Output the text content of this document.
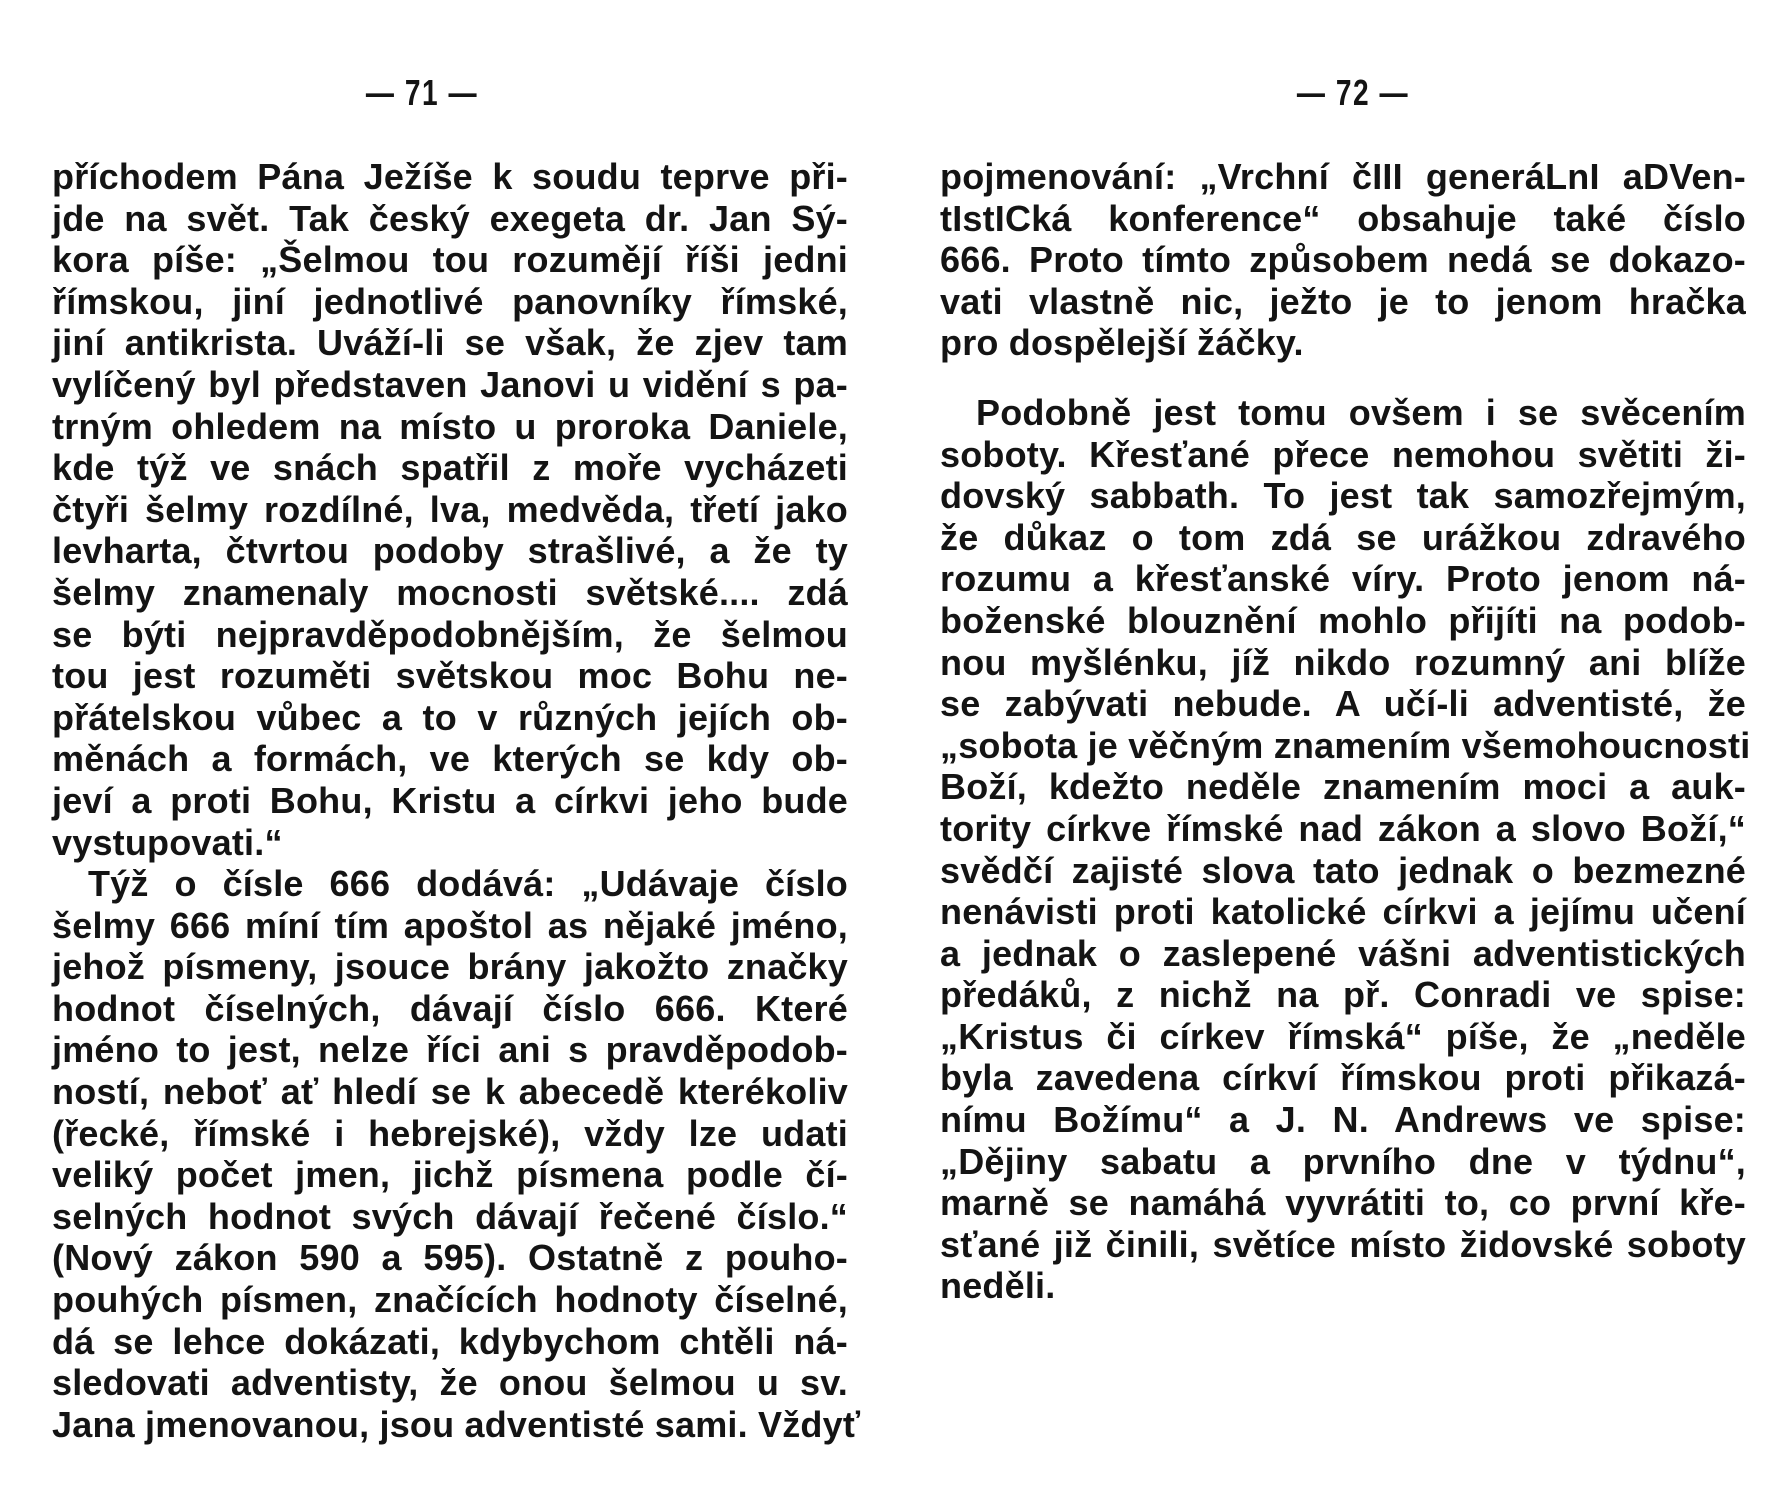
— 71 —
příchodem Pána Ježíše k soudu teprve při-
jde na svět. Tak český exegeta dr. Jan Sý-
kora píše: „Šelmou tou rozumějí říši jedni
římskou, jiní jednotlivé panovníky římské,
jiní antikrista. Uváží-li se však, že zjev tam
vylíčený byl představen Janovi u vidění s pa-
trným ohledem na místo u proroka Daniele,
kde týž ve snách spatřil z moře vycházeti
čtyři šelmy rozdílné, lva, medvěda, třetí jako
levharta, čtvrtou podoby strašlivé, a že ty
šelmy znamenaly mocnosti světské.... zdá
se býti nejpravděpodobnějším, že šelmou
tou jest rozuměti světskou moc Bohu ne-
přátelskou vůbec a to v různých jejích ob-
měnách a formách, ve kterých se kdy ob-
jeví a proti Bohu, Kristu a církvi jeho bude
vystupovati.“
Týž o čísle 666 dodává: „Udávaje číslo
šelmy 666 míní tím apoštol as nějaké jméno,
jehož písmeny, jsouce brány jakožto značky
hodnot číselných, dávají číslo 666. Které
jméno to jest, nelze říci ani s pravděpodob-
ností, neboť ať hledí se k abecedě kterékoliv
(řecké, římské i hebrejské), vždy lze udati
veliký počet jmen, jichž písmena podle čí-
selných hodnot svých dávají řečené číslo.“
(Nový zákon 590 a 595). Ostatně z pouho-
pouhých písmen, značících hodnoty číselné,
dá se lehce dokázati, kdybychom chtěli ná-
sledovati adventisty, že onou šelmou u sv.
Jana jmenovanou, jsou adventisté sami. Vždyť
— 72 —
pojmenování: „Vrchní čIII generáLnI aDVen-
tIstICká konference“ obsahuje také číslo
666. Proto tímto způsobem nedá se dokazo-
vati vlastně nic, ježto je to jenom hračka
pro dospělejší žáčky.
Podobně jest tomu ovšem i se svěcením
soboty. Křesťané přece nemohou světiti ži-
dovský sabbath. To jest tak samozřejmým,
že důkaz o tom zdá se urážkou zdravého
rozumu a křesťanské víry. Proto jenom ná-
boženské blouznění mohlo přijíti na podob-
nou myšlénku, jíž nikdo rozumný ani blíže
se zabývati nebude. A učí-li adventisté, že
„sobota je věčným znamením všemohoucnosti
Boží, kdežto neděle znamením moci a auk-
tority církve římské nad zákon a slovo Boží,“
svědčí zajisté slova tato jednak o bezmezné
nenávisti proti katolické církvi a jejímu učení
a jednak o zaslepené vášni adventistických
předáků, z nichž na př. Conradi ve spise:
„Kristus či církev římská“ píše, že „neděle
byla zavedena církví římskou proti přikazá-
nímu Božímu“ a J. N. Andrews ve spise:
„Dějiny sabatu a prvního dne v týdnu“,
marně se namáhá vyvrátiti to, co první kře-
sťané již činili, světíce místo židovské soboty
neděli.
